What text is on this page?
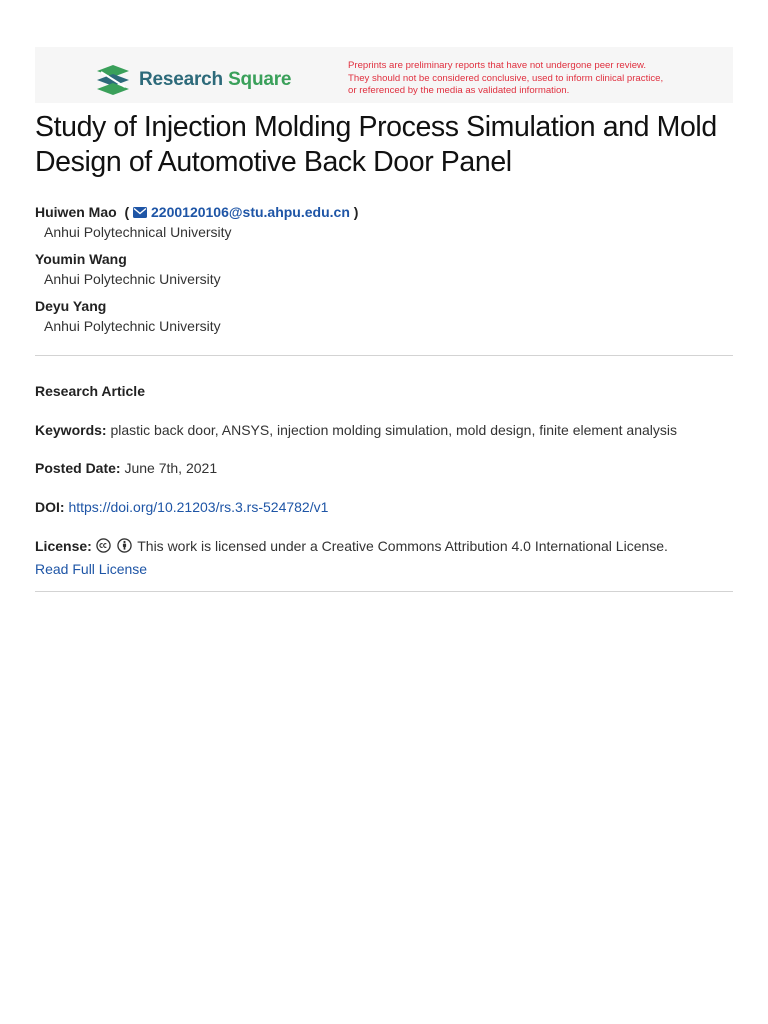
Research Square
Preprints are preliminary reports that have not undergone peer review.
They should not be considered conclusive, used to inform clinical practice,
or referenced by the media as validated information.
Study of Injection Molding Process Simulation and Mold Design of Automotive Back Door Panel
Huiwen Mao ( 2200120106@stu.ahpu.edu.cn )
Anhui Polytechnical University
Youmin Wang
Anhui Polytechnic University
Deyu Yang
Anhui Polytechnic University
Research Article
Keywords: plastic back door, ANSYS, injection molding simulation, mold design, finite element analysis
Posted Date: June 7th, 2021
DOI: https://doi.org/10.21203/rs.3.rs-524782/v1
License:	This work is licensed under a Creative Commons Attribution 4.0 International License.
Read Full License
